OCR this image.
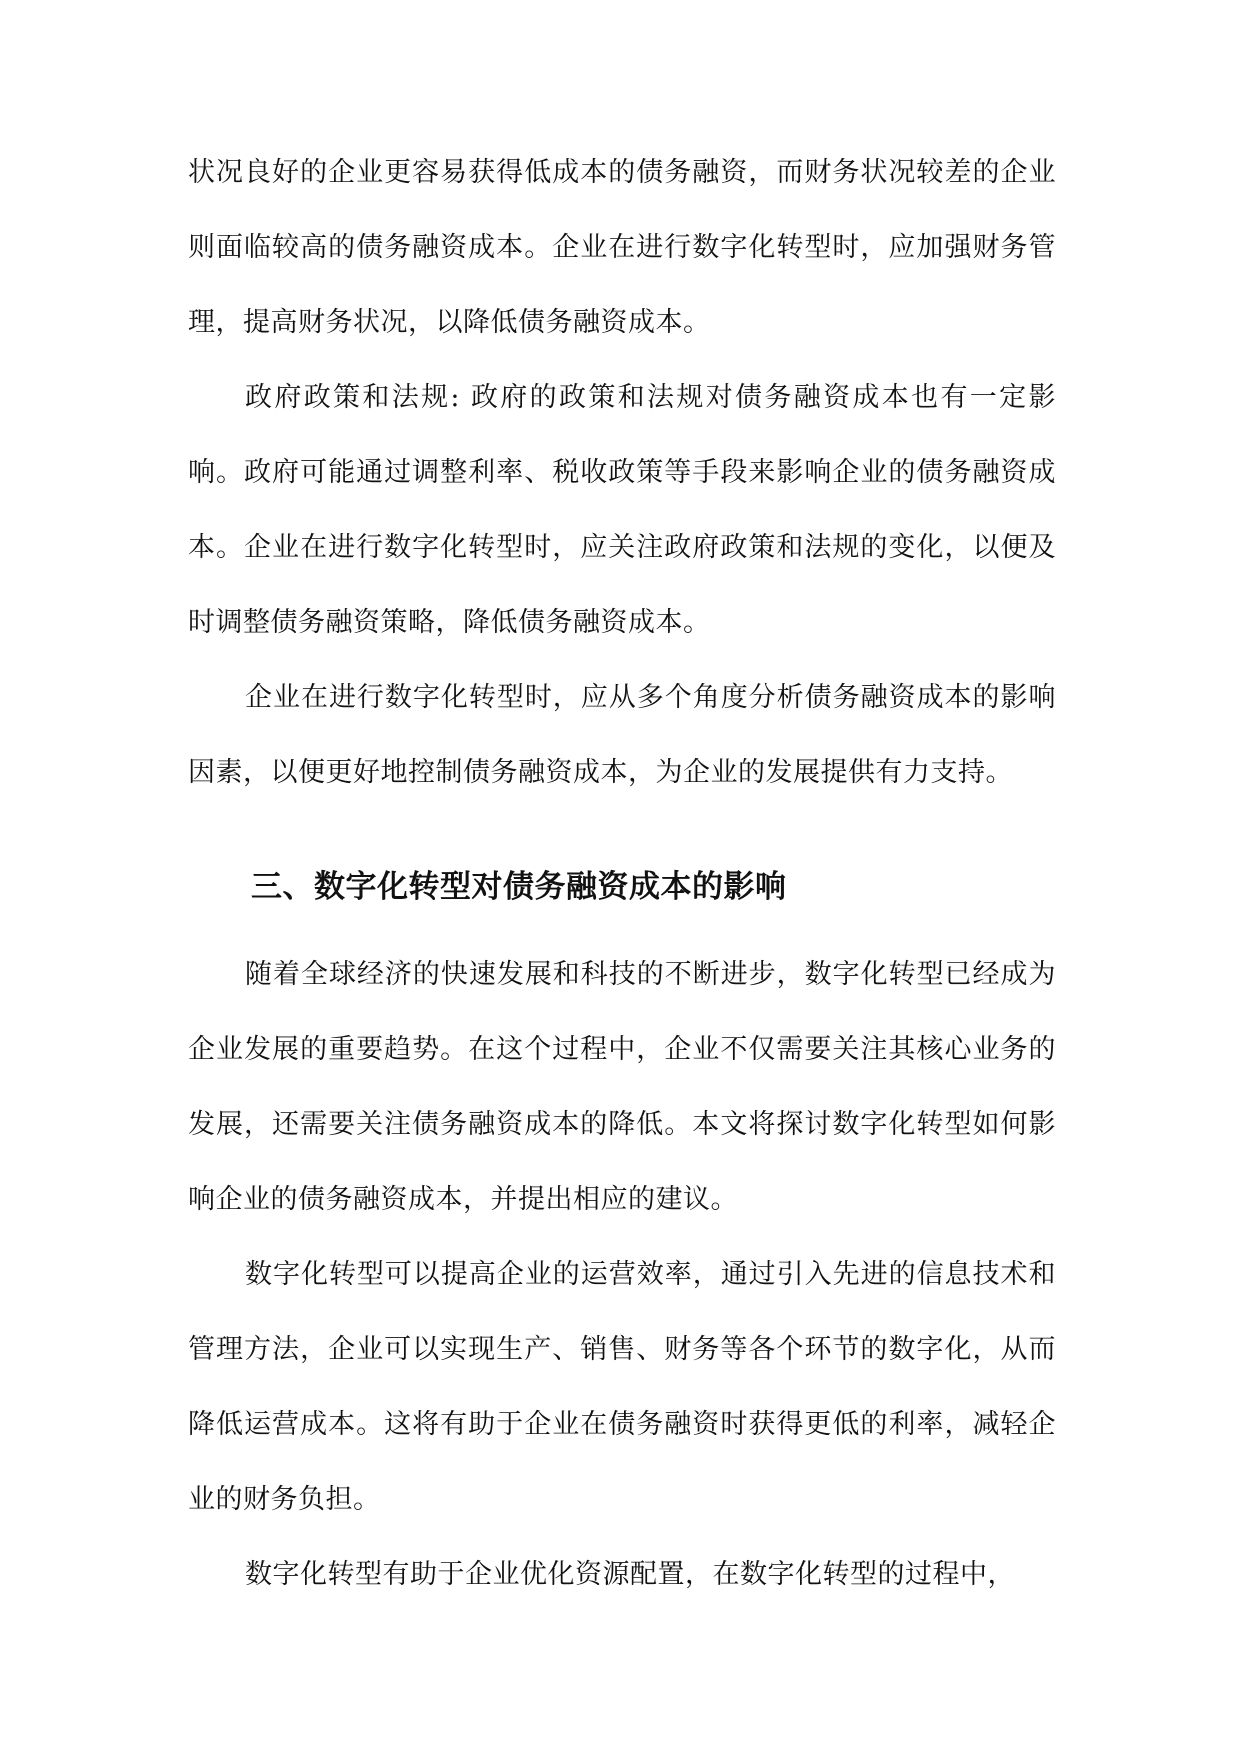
状况良好的企业更容易获得低成本的债务融资，而财务状况较差的企业则面临较高的债务融资成本。企业在进行数字化转型时，应加强财务管理，提高财务状况，以降低债务融资成本。

政府政策和法规: 政府的政策和法规对债务融资成本也有一定影响。政府可能通过调整利率、税收政策等手段来影响企业的债务融资成本。企业在进行数字化转型时，应关注政府政策和法规的变化，以便及时调整债务融资策略，降低债务融资成本。

企业在进行数字化转型时，应从多个角度分析债务融资成本的影响因素，以便更好地控制债务融资成本，为企业的发展提供有力支持。

三、数字化转型对债务融资成本的影响

随着全球经济的快速发展和科技的不断进步，数字化转型已经成为企业发展的重要趋势。在这个过程中，企业不仅需要关注其核心业务的发展，还需要关注债务融资成本的降低。本文将探讨数字化转型如何影响企业的债务融资成本，并提出相应的建议。

数字化转型可以提高企业的运营效率，通过引入先进的信息技术和管理方法，企业可以实现生产、销售、财务等各个环节的数字化，从而降低运营成本。这将有助于企业在债务融资时获得更低的利率，减轻企业的财务负担。

数字化转型有助于企业优化资源配置，在数字化转型的过程中，
